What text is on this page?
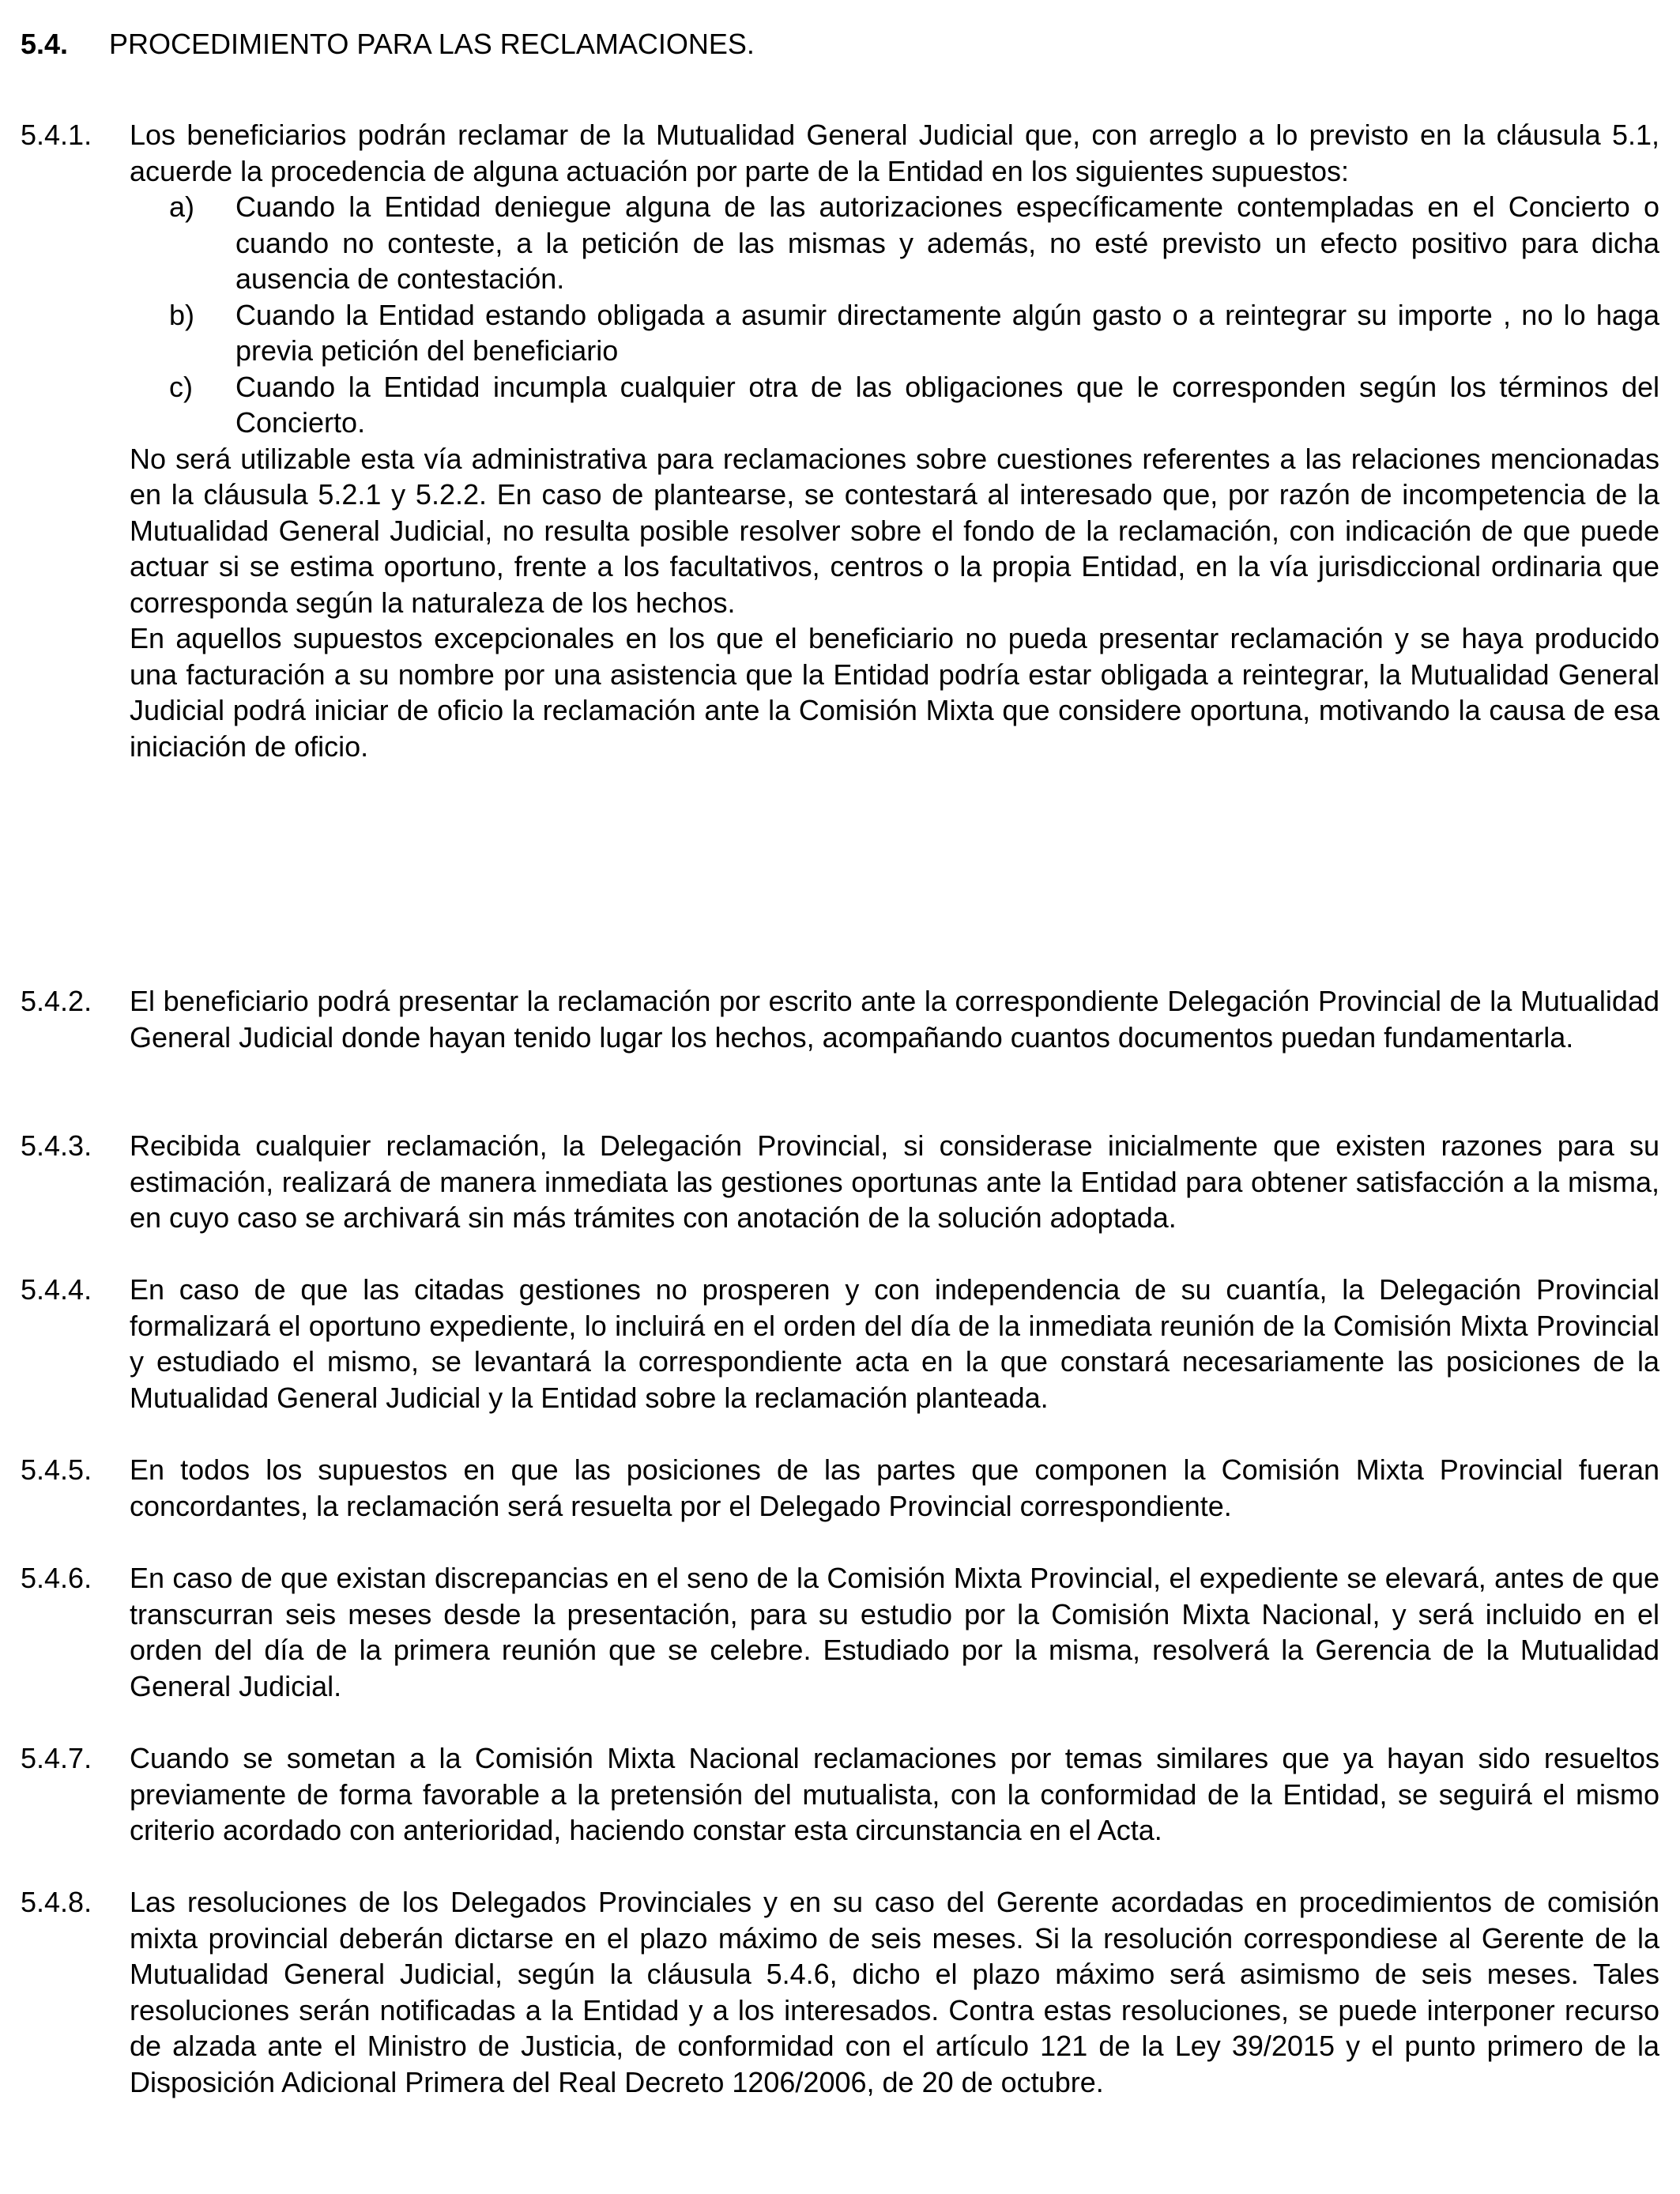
5.4. PROCEDIMIENTO PARA LAS RECLAMACIONES.
5.4.1. Los beneficiarios podrán reclamar de la Mutualidad General Judicial que, con arreglo a lo previsto en la cláusula 5.1, acuerde la procedencia de alguna actuación por parte de la Entidad en los siguientes supuestos:

a) Cuando la Entidad deniegue alguna de las autorizaciones específicamente contempladas en el Concierto o cuando no conteste, a la petición de las mismas y además, no esté previsto un efecto positivo para dicha ausencia de contestación.

b) Cuando la Entidad estando obligada a asumir directamente algún gasto o a reintegrar su importe , no lo haga previa petición del beneficiario

c) Cuando la Entidad incumpla cualquier otra de las obligaciones que le corresponden según los términos del Concierto.

No será utilizable esta vía administrativa para reclamaciones sobre cuestiones referentes a las relaciones mencionadas en la cláusula 5.2.1 y 5.2.2. En caso de plantearse, se contestará al interesado que, por razón de incompetencia de la Mutualidad General Judicial, no resulta posible resolver sobre el fondo de la reclamación, con indicación de que puede actuar si se estima oportuno, frente a los facultativos, centros o la propia Entidad, en la vía jurisdiccional ordinaria que corresponda según la naturaleza de los hechos.

En aquellos supuestos excepcionales en los que el beneficiario no pueda presentar reclamación y se haya producido una facturación a su nombre por una asistencia que la Entidad podría estar obligada a reintegrar, la Mutualidad General Judicial podrá iniciar de oficio la reclamación ante la Comisión Mixta que considere oportuna, motivando la causa de esa iniciación de oficio.

5.4.2. El beneficiario podrá presentar la reclamación por escrito ante la correspondiente Delegación Provincial de la Mutualidad General Judicial donde hayan tenido lugar los hechos, acompañando cuantos documentos puedan fundamentarla.

5.4.3. Recibida cualquier reclamación, la Delegación Provincial, si considerase inicialmente que existen razones para su estimación, realizará de manera inmediata las gestiones oportunas ante la Entidad para obtener satisfacción a la misma, en cuyo caso se archivará sin más trámites con anotación de la solución adoptada.

5.4.4. En caso de que las citadas gestiones no prosperen y con independencia de su cuantía, la Delegación Provincial formalizará el oportuno expediente, lo incluirá en el orden del día de la inmediata reunión de la Comisión Mixta Provincial y estudiado el mismo, se levantará la correspondiente acta en la que constará necesariamente las posiciones de la Mutualidad General Judicial y la Entidad sobre la reclamación planteada.

5.4.5. En todos los supuestos en que las posiciones de las partes que componen la Comisión Mixta Provincial fueran concordantes, la reclamación será resuelta por el Delegado Provincial correspondiente.

5.4.6. En caso de que existan discrepancias en el seno de la Comisión Mixta Provincial, el expediente se elevará, antes de que transcurran seis meses desde la presentación, para su estudio por la Comisión Mixta Nacional, y será incluido en el orden del día de la primera reunión que se celebre. Estudiado por la misma, resolverá la Gerencia de la Mutualidad General Judicial.

5.4.7. Cuando se sometan a la Comisión Mixta Nacional reclamaciones por temas similares que ya hayan sido resueltos previamente de forma favorable a la pretensión del mutualista, con la conformidad de la Entidad, se seguirá el mismo criterio acordado con anterioridad, haciendo constar esta circunstancia en el Acta.

5.4.8. Las resoluciones de los Delegados Provinciales y en su caso del Gerente acordadas en procedimientos de comisión mixta provincial deberán dictarse en el plazo máximo de seis meses. Si la resolución correspondiese al Gerente de la Mutualidad General Judicial, según la cláusula 5.4.6, dicho el plazo máximo será asimismo de seis meses. Tales resoluciones serán notificadas a la Entidad y a los interesados. Contra estas resoluciones, se puede interponer recurso de alzada ante el Ministro de Justicia, de conformidad con el artículo 121 de la Ley 39/2015 y el punto primero de la Disposición Adicional Primera del Real Decreto 1206/2006, de 20 de octubre.
